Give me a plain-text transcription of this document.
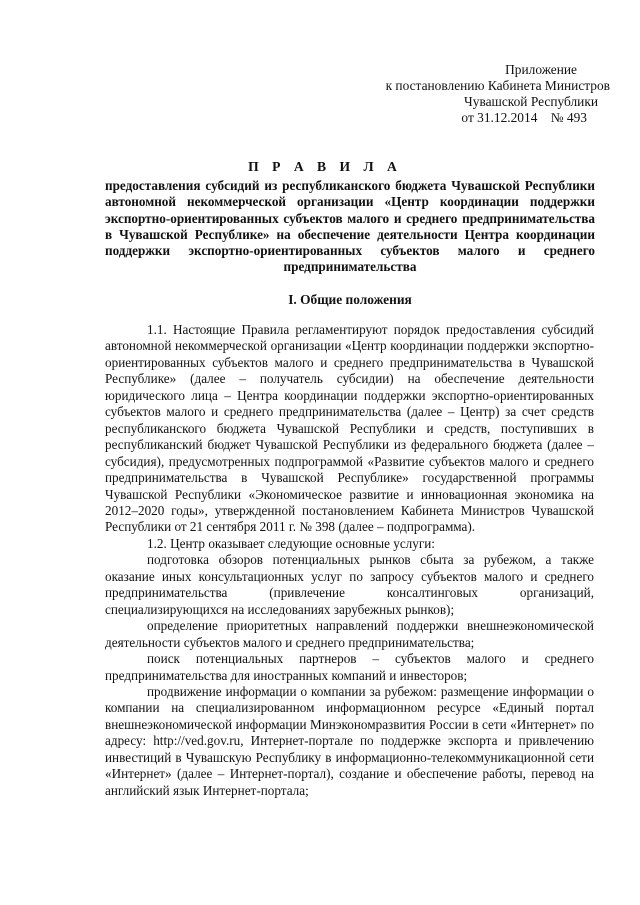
Приложение
к постановлению Кабинета Министров
Чувашской Республики
от 31.12.2014    № 493
П Р А В И Л А
предоставления субсидий из республиканского бюджета Чувашской Республики автономной некоммерческой организации «Центр координации поддержки экспортно-ориентированных субъектов малого и среднего предпринимательства в Чувашской Республике» на обеспечение деятельности Центра координации поддержки экспортно-ориентированных субъектов малого и среднего предпринимательства
I. Общие положения

1.1. Настоящие Правила регламентируют порядок предоставления субсидий автономной некоммерческой организации «Центр координации поддержки экспортно-ориентированных субъектов малого и среднего предпринимательства в Чувашской Республике» (далее – получатель субсидии) на обеспечение деятельности юридического лица – Центра координации поддержки экспортно-ориентированных субъектов малого и среднего предпринимательства (далее – Центр) за счет средств республиканского бюджета Чувашской Республики и средств, поступивших в республиканский бюджет Чувашской Республики из федерального бюджета (далее – субсидия), предусмотренных подпрограммой «Развитие субъектов малого и среднего предпринимательства в Чувашской Республике» государственной программы Чувашской Республики «Экономическое развитие и инновационная экономика на 2012–2020 годы», утвержденной постановлением Кабинета Министров Чувашской Республики от 21 сентября 2011 г. № 398 (далее – подпрограмма).

1.2. Центр оказывает следующие основные услуги:

подготовка обзоров потенциальных рынков сбыта за рубежом, а также оказание иных консультационных услуг по запросу субъектов малого и среднего предпринимательства (привлечение консалтинговых организаций, специализирующихся на исследованиях зарубежных рынков);

определение приоритетных направлений поддержки внешнеэкономической деятельности субъектов малого и среднего предпринимательства;

поиск потенциальных партнеров – субъектов малого и среднего предпринимательства для иностранных компаний и инвесторов;

продвижение информации о компании за рубежом: размещение информации о компании на специализированном информационном ресурсе «Единый портал внешнеэкономической информации Минэкономразвития России в сети «Интернет» по адресу: http://ved.gov.ru, Интернет-портале по поддержке экспорта и привлечению инвестиций в Чувашскую Республику в информационно-телекоммуникационной сети «Интернет» (далее – Интернет-портал), создание и обеспечение работы, перевод на английский язык Интернет-портала;
